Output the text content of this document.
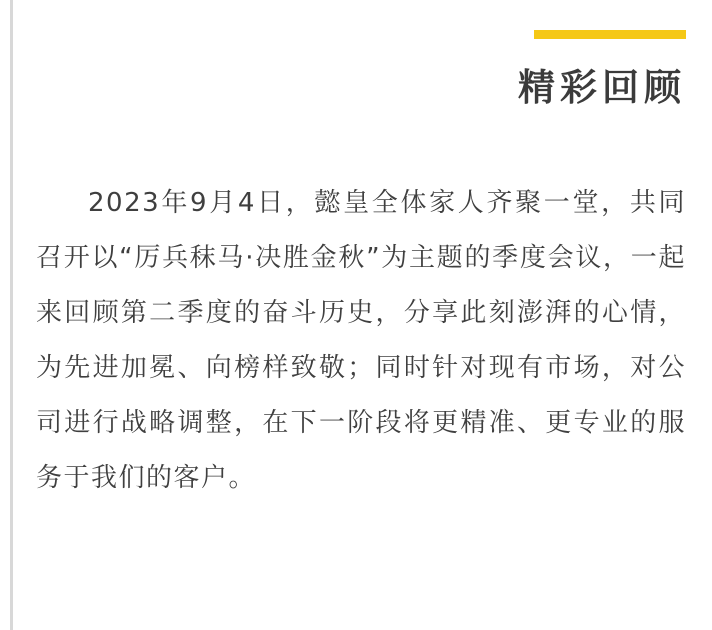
精彩回顾
2023年9月4日，懿皇全体家人齐聚一堂，共同召开以“厉兵秣马·决胜金秋”为主题的季度会议，一起来回顾第二季度的奋斗历史，分享此刻澎湃的心情，为先进加冕、向榜样致敬；同时针对现有市场，对公司进行战略调整，在下一阶段将更精准、更专业的服务于我们的客户。
